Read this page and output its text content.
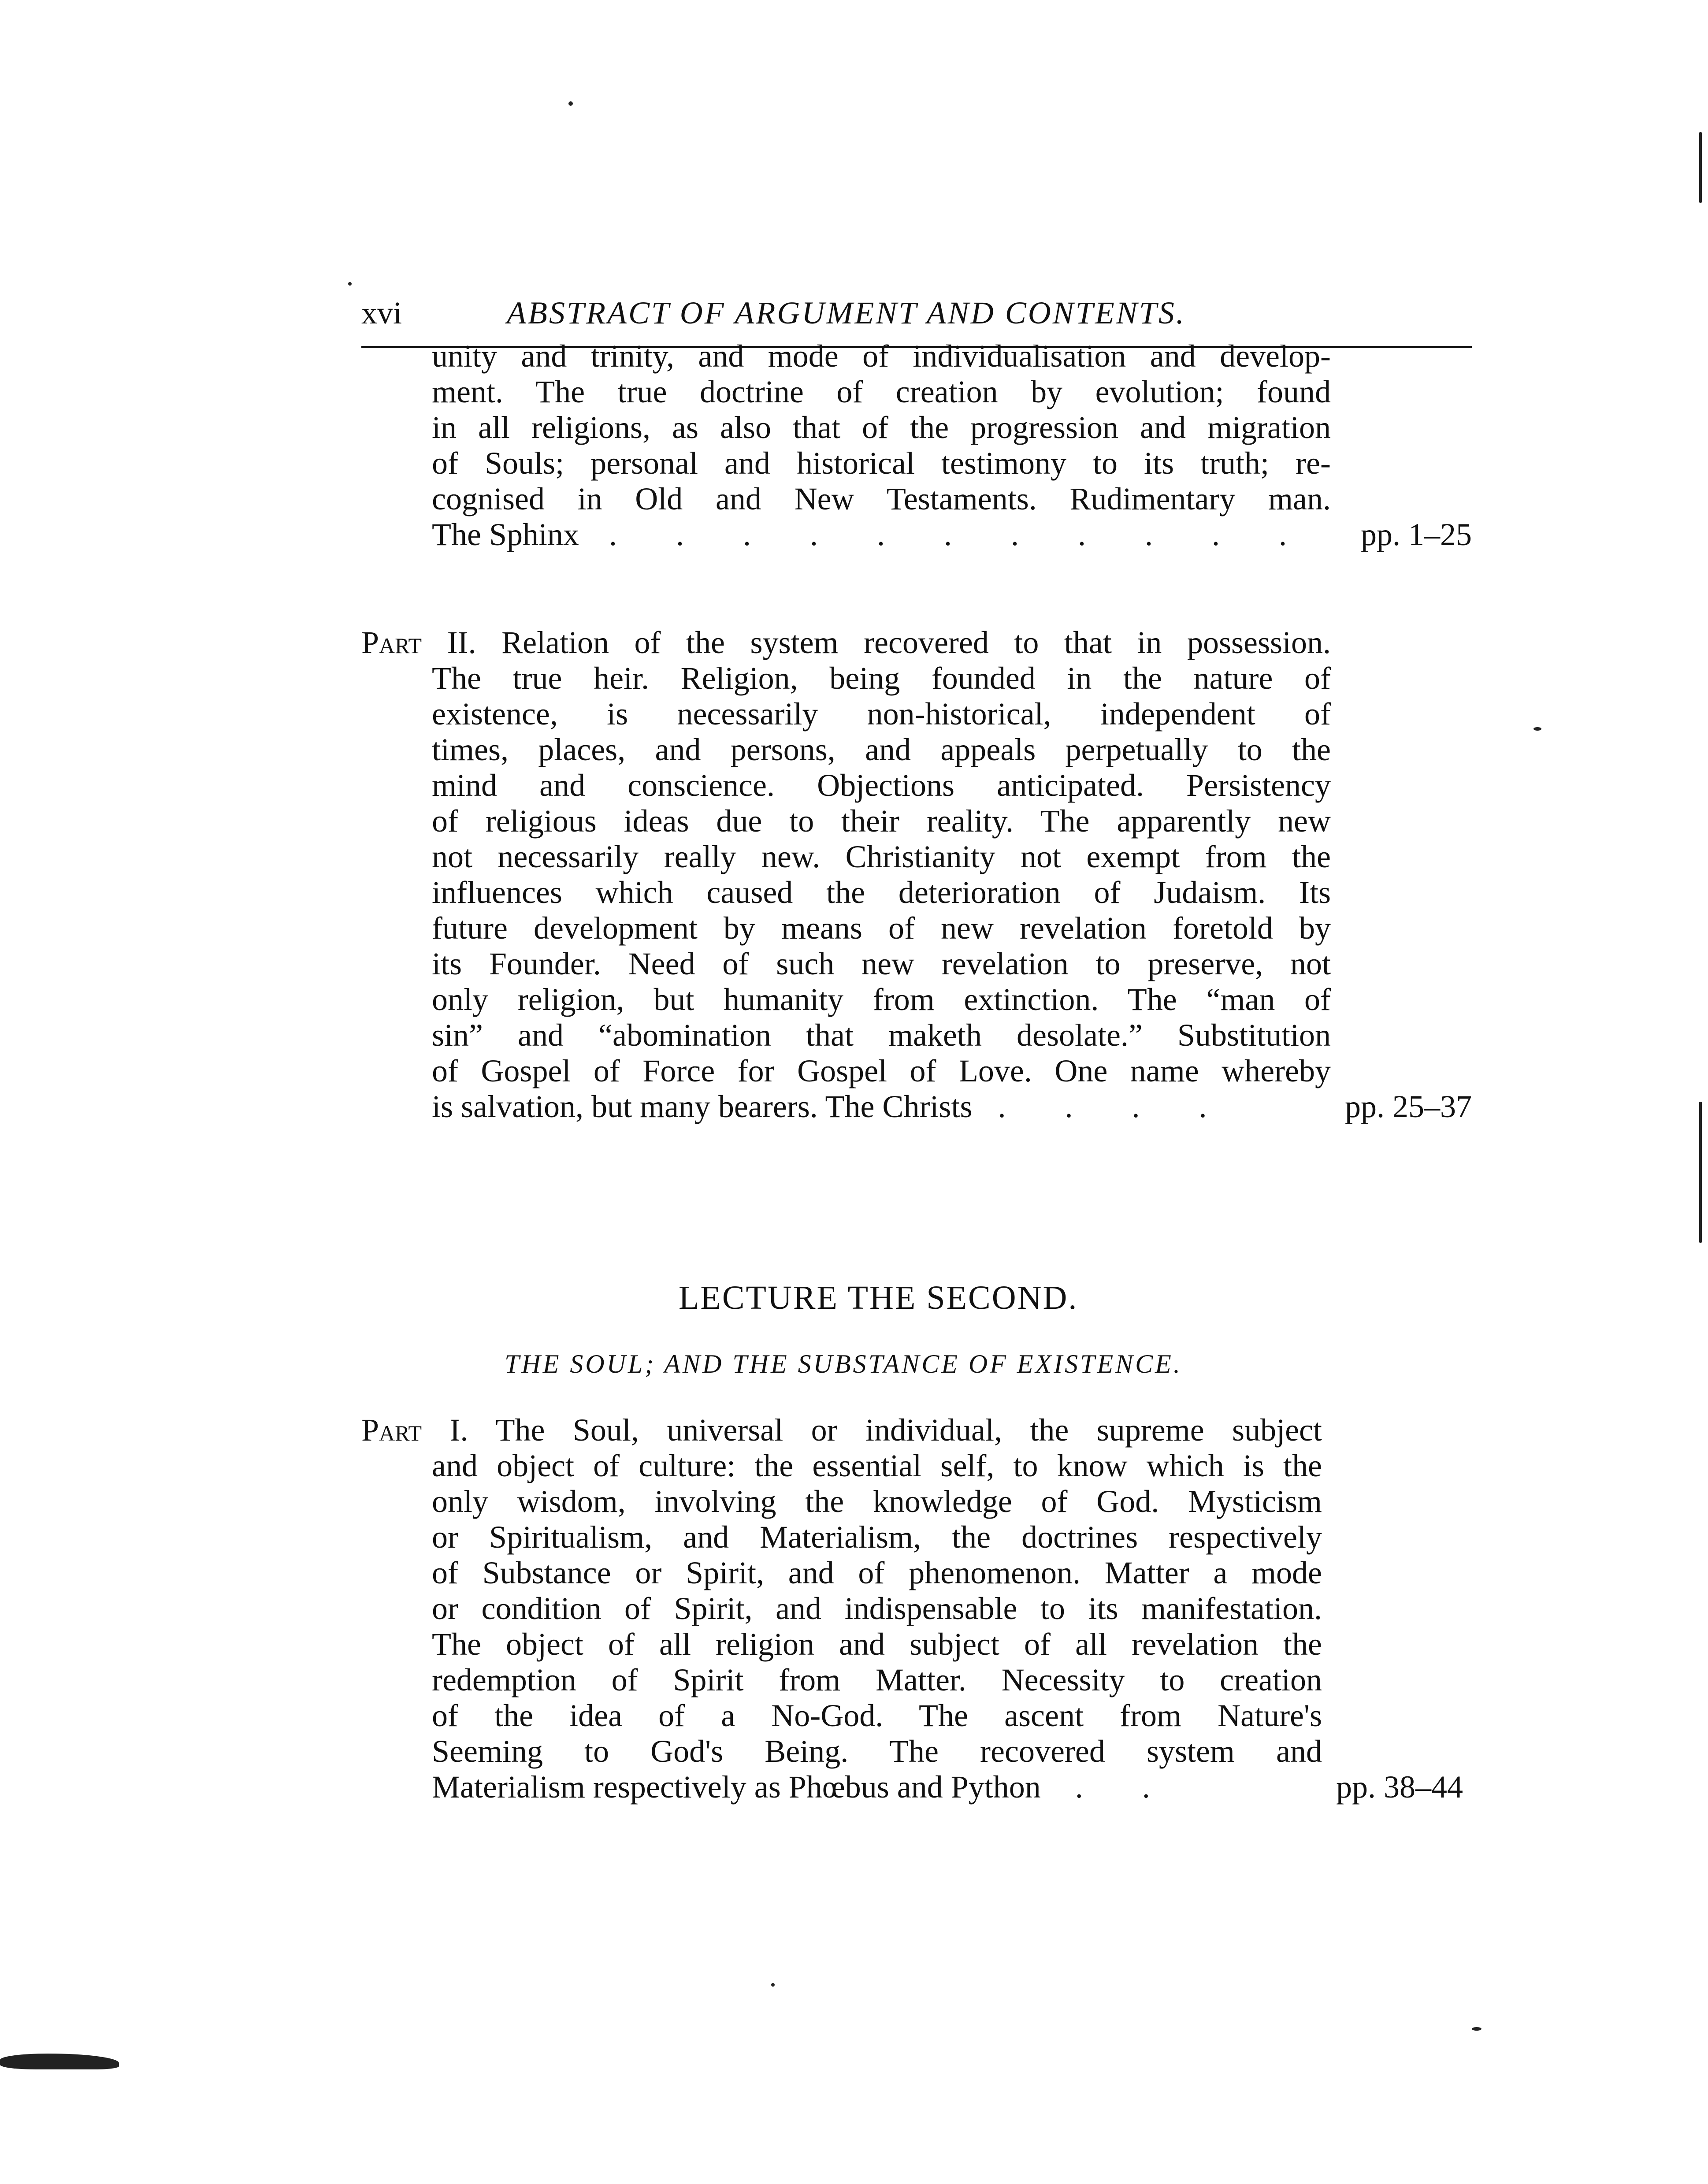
xvi	ABSTRACT OF ARGUMENT AND CONTENTS.
unity and trinity, and mode of individualisation and develop-
ment. The true doctrine of creation by evolution; found
in all religions, as also that of the progression and migration
of Souls; personal and historical testimony to its truth; re-
cognised in Old and New Testaments. Rudimentary man.
The Sphinx . . . . . . . . . . . pp. 1–25
Part II. Relation of the system recovered to that in possession.
The true heir. Religion, being founded in the nature of
existence, is necessarily non-historical, independent of
times, places, and persons, and appeals perpetually to the
mind and conscience. Objections anticipated. Persistency
of religious ideas due to their reality. The apparently new
not necessarily really new. Christianity not exempt from the
influences which caused the deterioration of Judaism. Its
future development by means of new revelation foretold by
its Founder. Need of such new revelation to preserve, not
only religion, but humanity from extinction. The “man of
sin” and “abomination that maketh desolate.” Substitution
of Gospel of Force for Gospel of Love. One name whereby
is salvation, but many bearers. The Christs . . . .	pp. 25–37
LECTURE THE SECOND.
THE SOUL; AND THE SUBSTANCE OF EXISTENCE.
Part I. The Soul, universal or individual, the supreme subject
and object of culture: the essential self, to know which is the
only wisdom, involving the knowledge of God. Mysticism
or Spiritualism, and Materialism, the doctrines respectively
of Substance or Spirit, and of phenomenon. Matter a mode
or condition of Spirit, and indispensable to its manifestation.
The object of all religion and subject of all revelation the
redemption of Spirit from Matter. Necessity to creation
of the idea of a No-God. The ascent from Nature's
Seeming to God's Being. The recovered system and
Materialism respectively as Phœbus and Python . .	pp. 38–44
